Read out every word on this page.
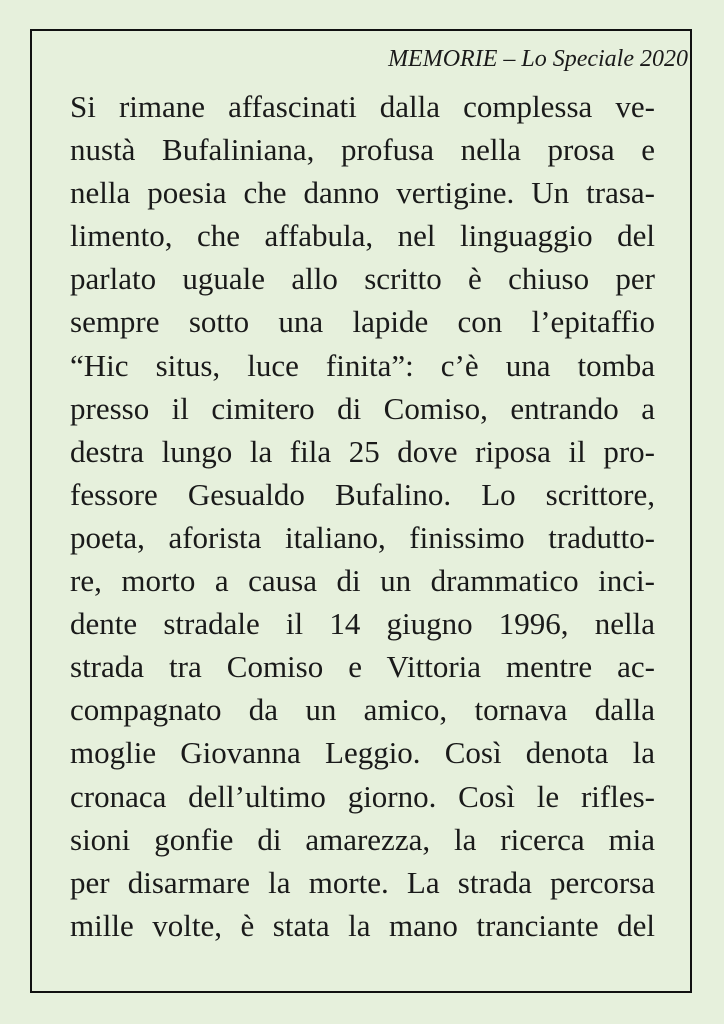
MEMORIE – Lo Speciale 2020
Si rimane affascinati dalla complessa ve-
nustà Bufaliniana, profusa nella prosa e
nella poesia che danno vertigine. Un trasa-
limento, che affabula, nel linguaggio del
parlato uguale allo scritto è chiuso per
sempre sotto una lapide con l’epitaffio
“Hic situs, luce finita”: c’è una tomba
presso il cimitero di Comiso, entrando a
destra lungo la fila 25 dove riposa il pro-
fessore Gesualdo Bufalino. Lo scrittore,
poeta, aforista italiano, finissimo tradutto-
re, morto a causa di un drammatico inci-
dente stradale il 14 giugno 1996, nella
strada tra Comiso e Vittoria mentre ac-
compagnato da un amico, tornava dalla
moglie Giovanna Leggio. Così denota la
cronaca dell’ultimo giorno. Così le rifles-
sioni gonfie di amarezza, la ricerca mia
per disarmare la morte. La strada percorsa
mille volte, è stata la mano tranciante del
